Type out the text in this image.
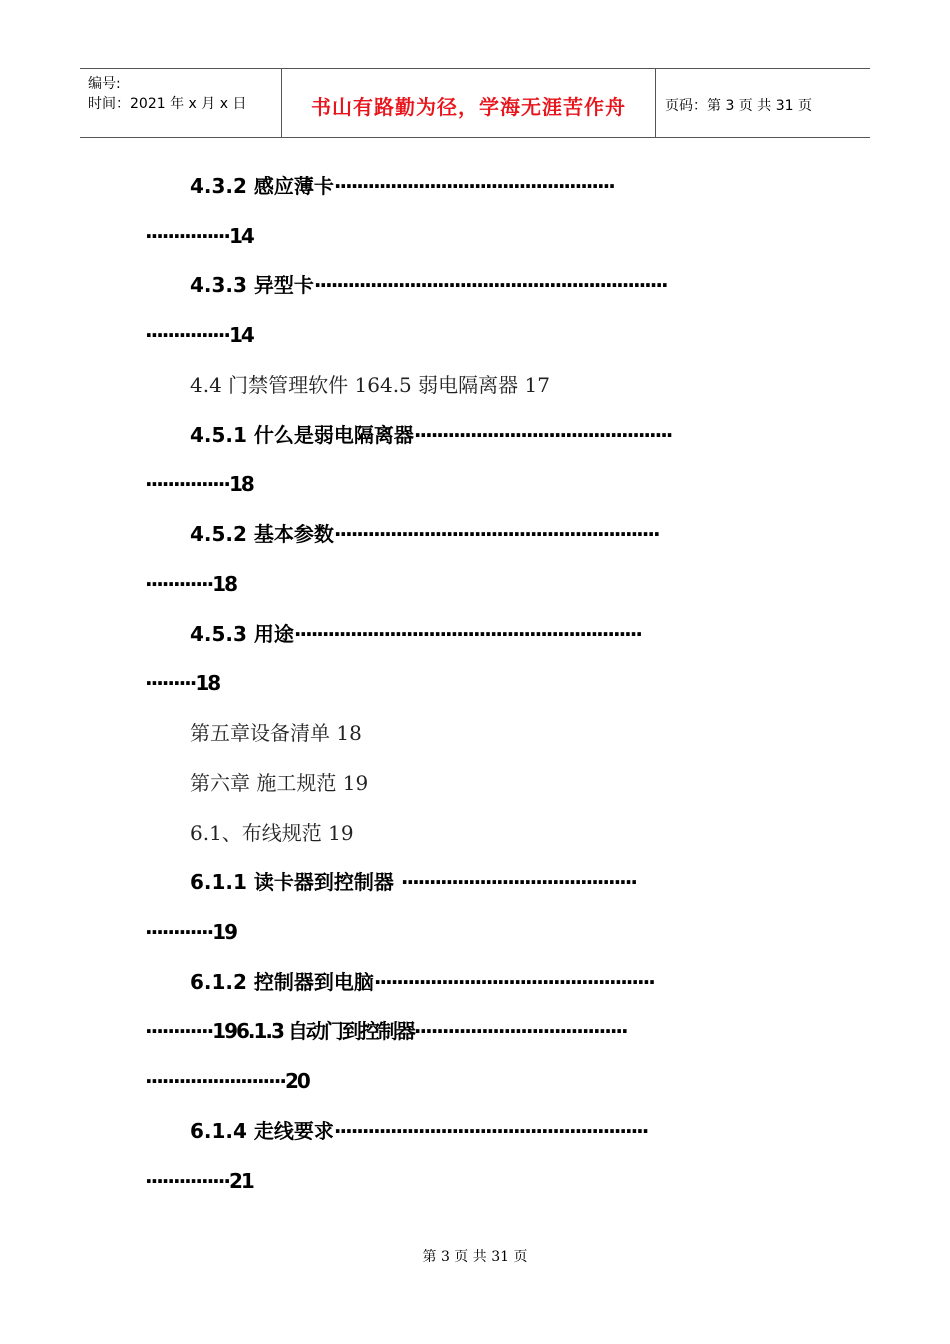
编号:
时间：2021 年 x 月 x 日	书山有路勤为径，学海无涯苦作舟	页码：第 3 页 共 31 页
4.3.2 感应薄卡··················································
···············14
4.3.3 异型卡·······························································
···············14
4.4 门禁管理软件 164.5 弱电隔离器 17
4.5.1 什么是弱电隔离器··············································
···············18
4.5.2 基本参数··························································
············18
4.5.3 用途······························································
·········18
第五章设备清单 18
第六章 施工规范 19
6.1、布线规范 19
6.1.1 读卡器到控制器 ··········································
············19
6.1.2 控制器到电脑··················································
············196.1.3 自动门到控制器······································
·························20
6.1.4 走线要求························································
···············21
第 3 页 共 31 页
